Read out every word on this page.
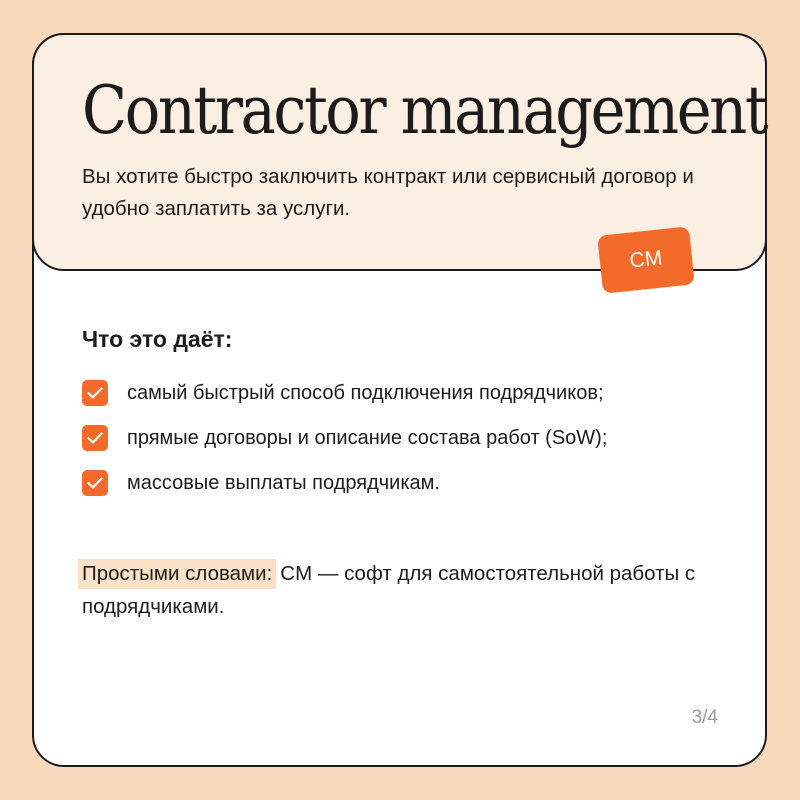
Contractor management

Вы хотите быстро заключить контракт или сервисный договор и удобно заплатить за услуги.

CM
Что это даёт:
самый быстрый способ подключения подрядчиков;
прямые договоры и описание состава работ (SoW);
массовые выплаты подрядчикам.

Простыми словами: CM — софт для самостоятельной работы с подрядчиками.

3/4
